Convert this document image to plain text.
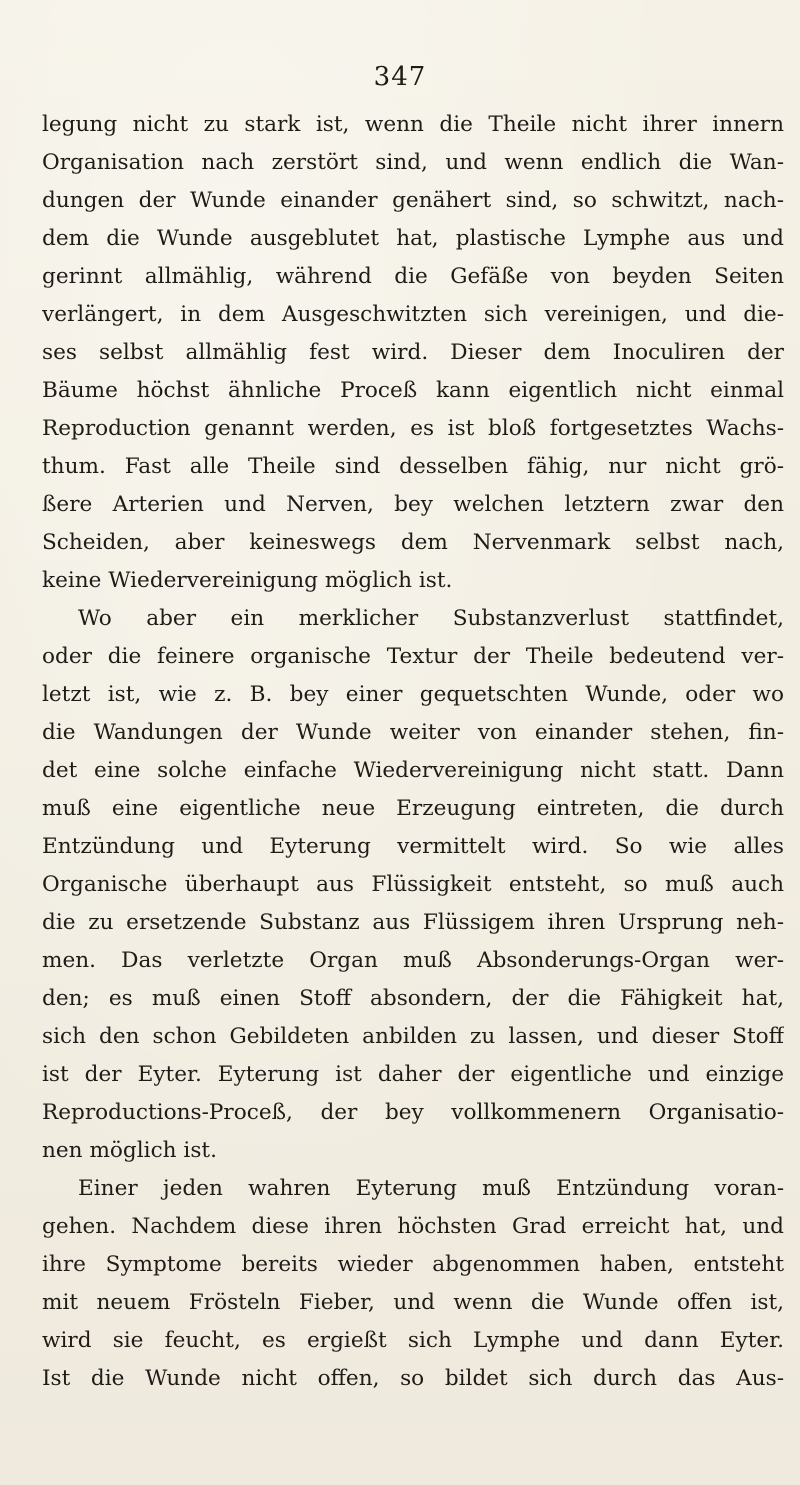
347
legung nicht zu stark ist, wenn die Theile nicht ihrer innern
Organisation nach zerstört sind, und wenn endlich die Wan-
dungen der Wunde einander genähert sind, so schwitzt, nach-
dem die Wunde ausgeblutet hat, plastische Lymphe aus und
gerinnt allmählig, während die Gefäße von beyden Seiten
verlängert, in dem Ausgeschwitzten sich vereinigen, und die-
ses selbst allmählig fest wird. Dieser dem Inoculiren der
Bäume höchst ähnliche Proceß kann eigentlich nicht einmal
Reproduction genannt werden, es ist bloß fortgesetztes Wachs-
thum. Fast alle Theile sind desselben fähig, nur nicht grö-
ßere Arterien und Nerven, bey welchen letztern zwar den
Scheiden, aber keineswegs dem Nervenmark selbst nach,
keine Wiedervereinigung möglich ist.
Wo aber ein merklicher Substanzverlust stattfindet,
oder die feinere organische Textur der Theile bedeutend ver-
letzt ist, wie z. B. bey einer gequetschten Wunde, oder wo
die Wandungen der Wunde weiter von einander stehen, fin-
det eine solche einfache Wiedervereinigung nicht statt. Dann
muß eine eigentliche neue Erzeugung eintreten, die durch
Entzündung und Eyterung vermittelt wird. So wie alles
Organische überhaupt aus Flüssigkeit entsteht, so muß auch
die zu ersetzende Substanz aus Flüssigem ihren Ursprung neh-
men. Das verletzte Organ muß Absonderungs-Organ wer-
den; es muß einen Stoff absondern, der die Fähigkeit hat,
sich den schon Gebildeten anbilden zu lassen, und dieser Stoff
ist der Eyter. Eyterung ist daher der eigentliche und einzige
Reproductions-Proceß, der bey vollkommenern Organisatio-
nen möglich ist.
Einer jeden wahren Eyterung muß Entzündung voran-
gehen. Nachdem diese ihren höchsten Grad erreicht hat, und
ihre Symptome bereits wieder abgenommen haben, entsteht
mit neuem Frösteln Fieber, und wenn die Wunde offen ist,
wird sie feucht, es ergießt sich Lymphe und dann Eyter.
Ist die Wunde nicht offen, so bildet sich durch das Aus-
